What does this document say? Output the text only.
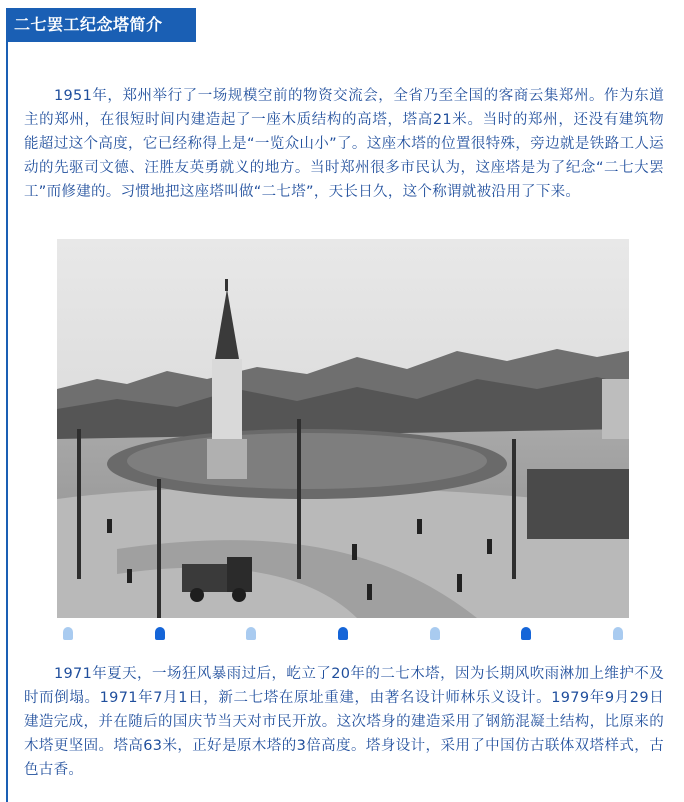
二七罢工纪念塔简介

1951年，郑州举行了一场规模空前的物资交流会，全省乃至全国的客商云集郑州。作为东道主的郑州，在很短时间内建造起了一座木质结构的高塔，塔高21米。当时的郑州，还没有建筑物能超过这个高度，它已经称得上是“一览众山小”了。这座木塔的位置很特殊，旁边就是铁路工人运动的先驱司文德、汪胜友英勇就义的地方。当时郑州很多市民认为，这座塔是为了纪念“二七大罢工”而修建的。习惯地把这座塔叫做“二七塔”，天长日久，这个称谓就被沿用了下来。

1971年夏天，一场狂风暴雨过后，屹立了20年的二七木塔，因为长期风吹雨淋加上维护不及时而倒塌。1971年7月1日，新二七塔在原址重建，由著名设计师林乐义设计。1979年9月29日建造完成，并在随后的国庆节当天对市民开放。这次塔身的建造采用了钢筋混凝土结构，比原来的木塔更坚固。塔高63米，正好是原木塔的3倍高度。塔身设计，采用了中国仿古联体双塔样式，古色古香。
